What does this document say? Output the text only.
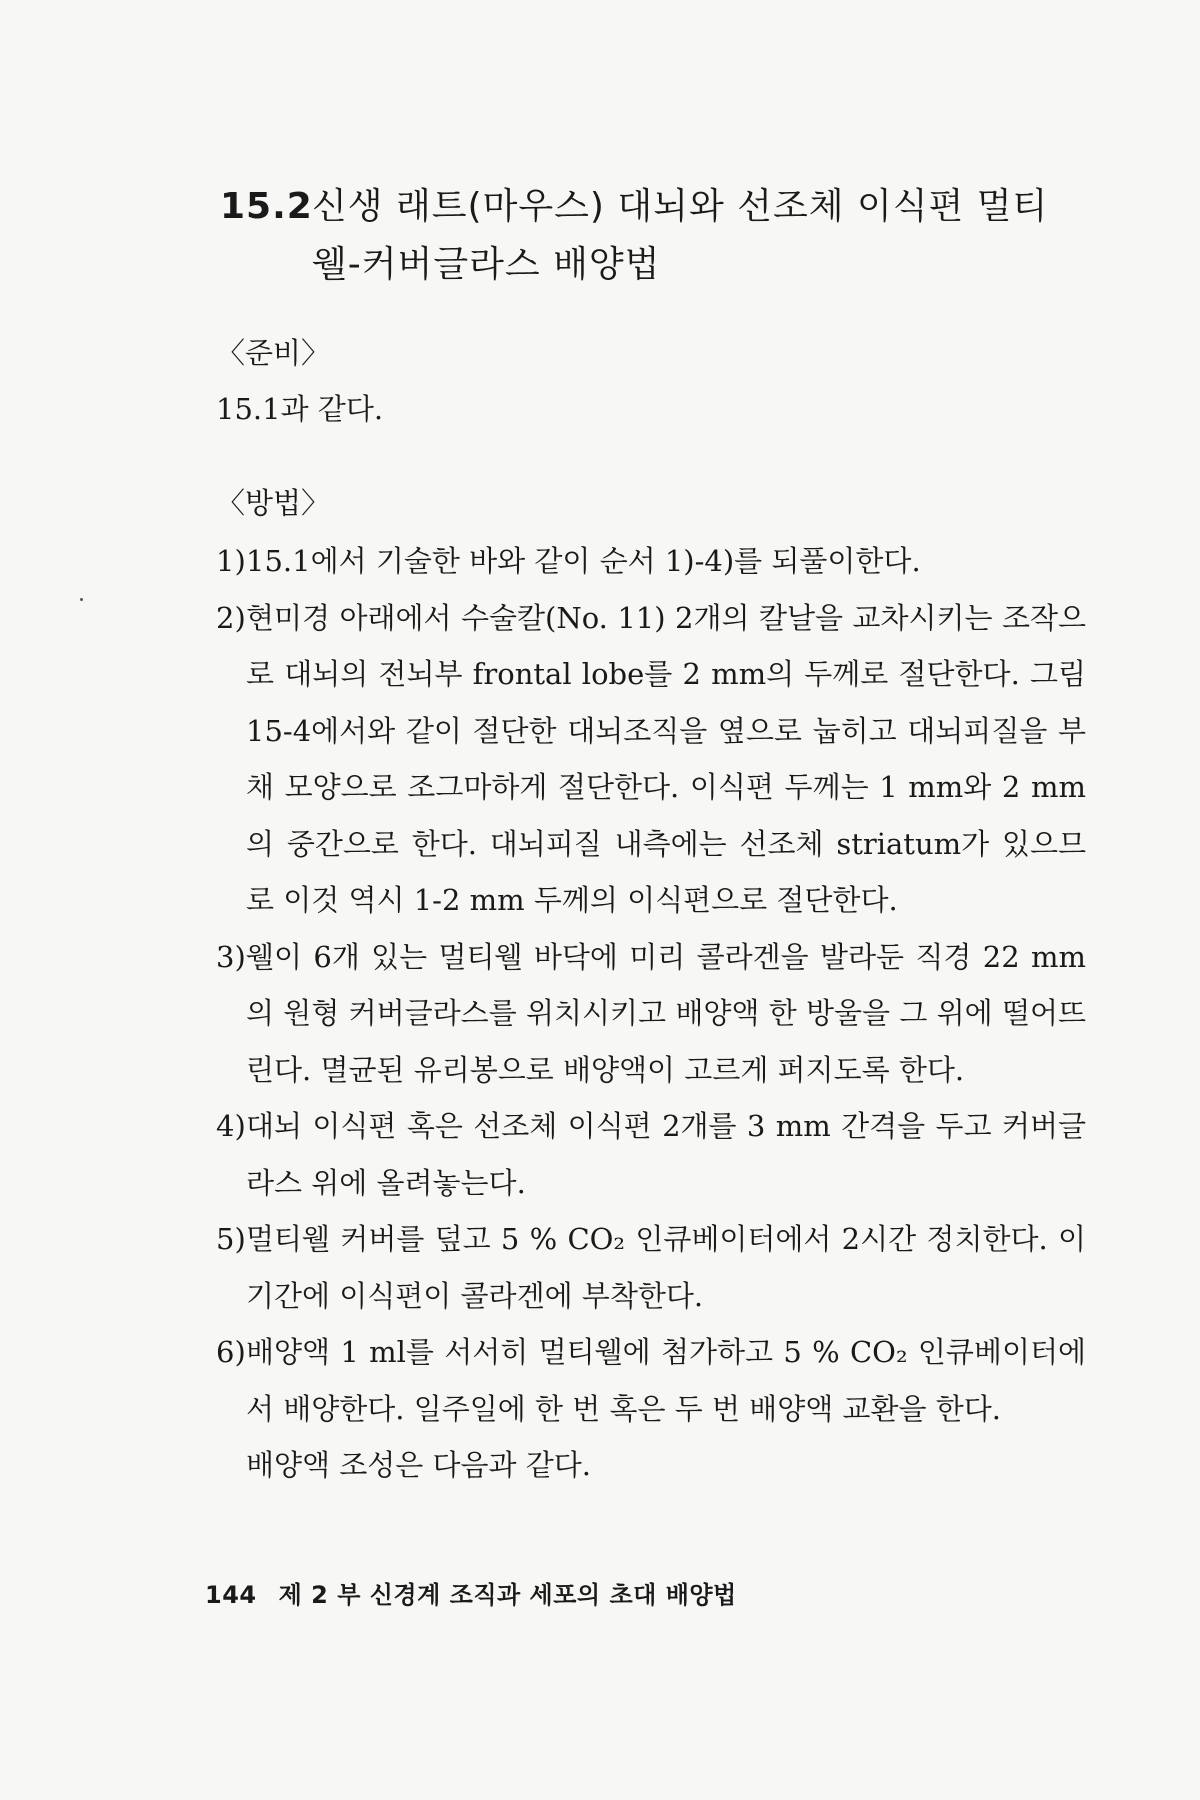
15.2신생 래트(마우스) 대뇌와 선조체 이식편 멀티
웰-커버글라스 배양법
〈준비〉
15.1과 같다.
〈방법〉
1) 15.1에서 기술한 바와 같이 순서 1)-4)를 되풀이한다.
2) 현미경 아래에서 수술칼(No. 11) 2개의 칼날을 교차시키는 조작으로 대뇌의 전뇌부 frontal lobe를 2 mm의 두께로 절단한다. 그림 15-4에서와 같이 절단한 대뇌조직을 옆으로 눕히고 대뇌피질을 부채 모양으로 조그마하게 절단한다. 이식편 두께는 1 mm와 2 mm의 중간으로 한다. 대뇌피질 내측에는 선조체 striatum가 있으므로 이것 역시 1-2 mm 두께의 이식편으로 절단한다.
3) 웰이 6개 있는 멀티웰 바닥에 미리 콜라겐을 발라둔 직경 22 mm의 원형 커버글라스를 위치시키고 배양액 한 방울을 그 위에 떨어뜨린다. 멸균된 유리봉으로 배양액이 고르게 퍼지도록 한다.
4) 대뇌 이식편 혹은 선조체 이식편 2개를 3 mm 간격을 두고 커버글라스 위에 올려놓는다.
5) 멀티웰 커버를 덮고 5 % CO₂ 인큐베이터에서 2시간 정치한다. 이 기간에 이식편이 콜라겐에 부착한다.
6) 배양액 1 ml를 서서히 멀티웰에 첨가하고 5 % CO₂ 인큐베이터에서 배양한다. 일주일에 한 번 혹은 두 번 배양액 교환을 한다.
배양액 조성은 다음과 같다.
144 제 2 부 신경계 조직과 세포의 초대 배양법
